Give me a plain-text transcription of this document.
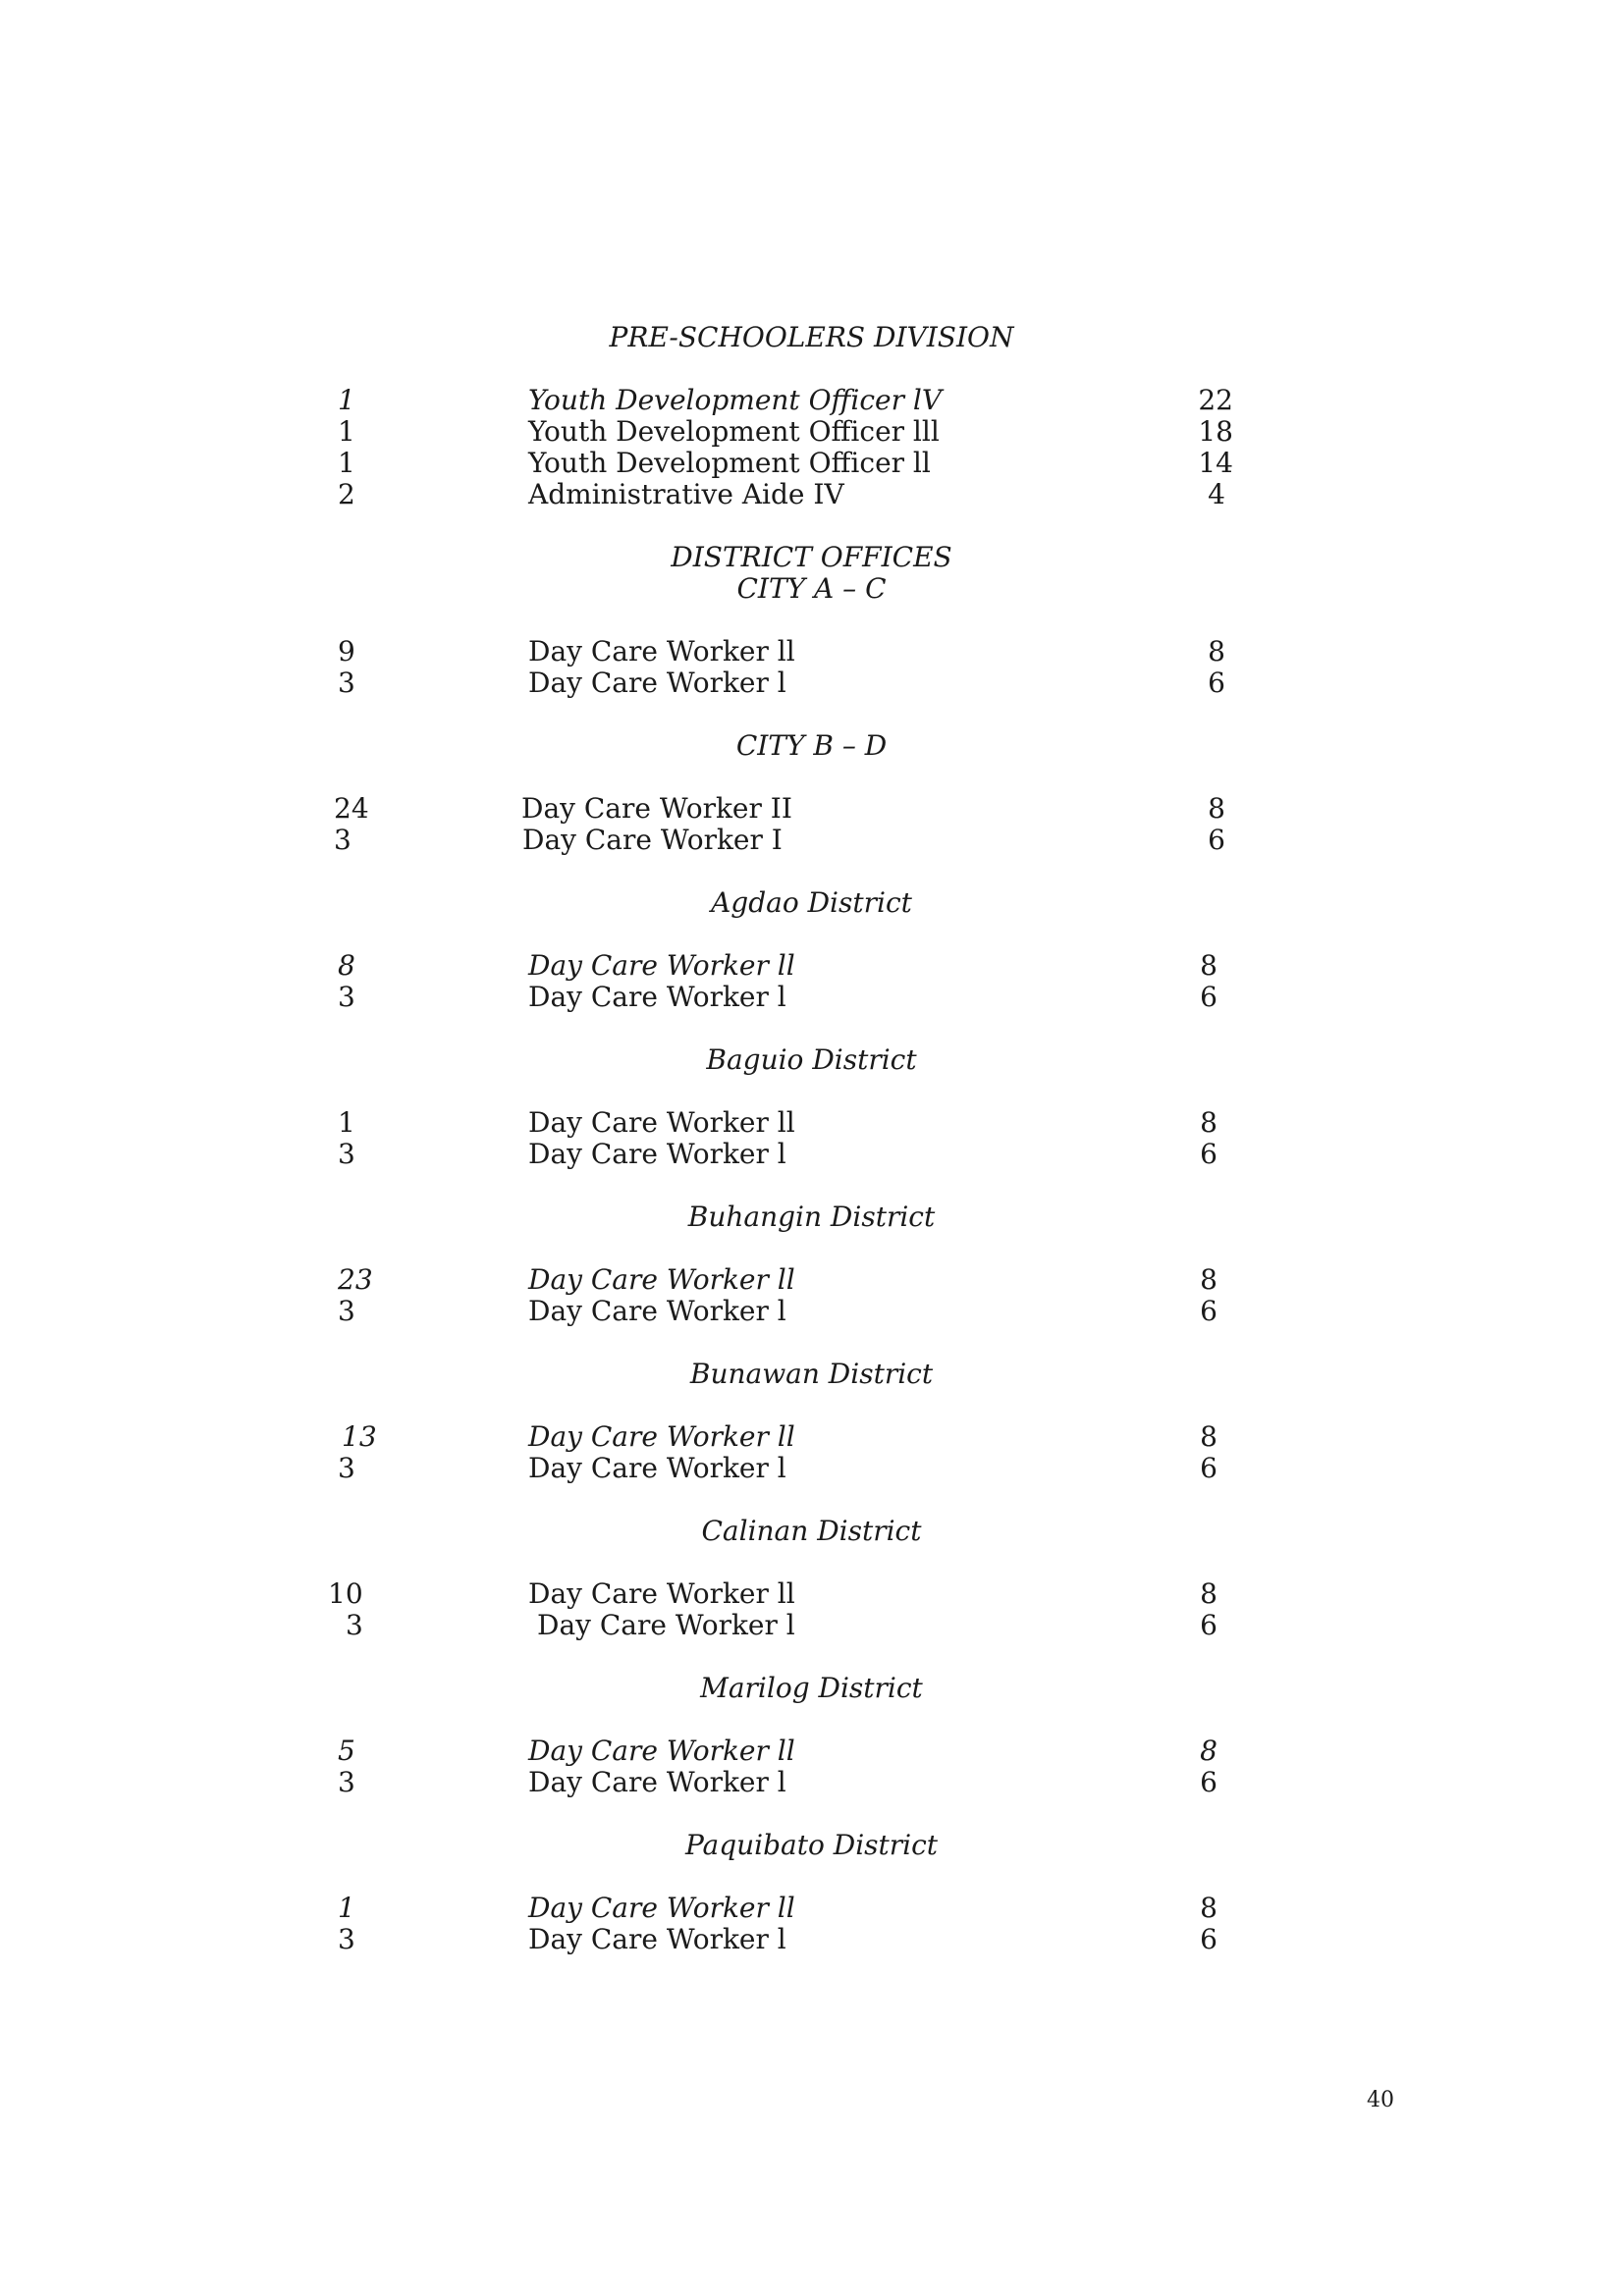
PRE-SCHOOLERS DIVISION
1	Youth Development Officer lV	22
1	Youth Development Officer lll	18
1	Youth Development Officer ll	14
2	Administrative Aide IV	4
DISTRICT OFFICES
CITY A – C
9	Day Care Worker ll	8
3	Day Care Worker l	6
CITY B – D
24	Day Care Worker II	8
3	Day Care Worker I	6
Agdao District
8	Day Care Worker ll	8
3	Day Care Worker l	6
Baguio District
1	Day Care Worker ll	8
3	Day Care Worker l	6
Buhangin District
23	Day Care Worker ll	8
3	Day Care Worker l	6
Bunawan District
13	Day Care Worker ll	8
3	Day Care Worker l	6
Calinan District
10	Day Care Worker ll	8
3	Day Care Worker l	6
Marilog District
5	Day Care Worker ll	8
3	Day Care Worker l	6
Paquibato District
1	Day Care Worker ll	8
3	Day Care Worker l	6
40
